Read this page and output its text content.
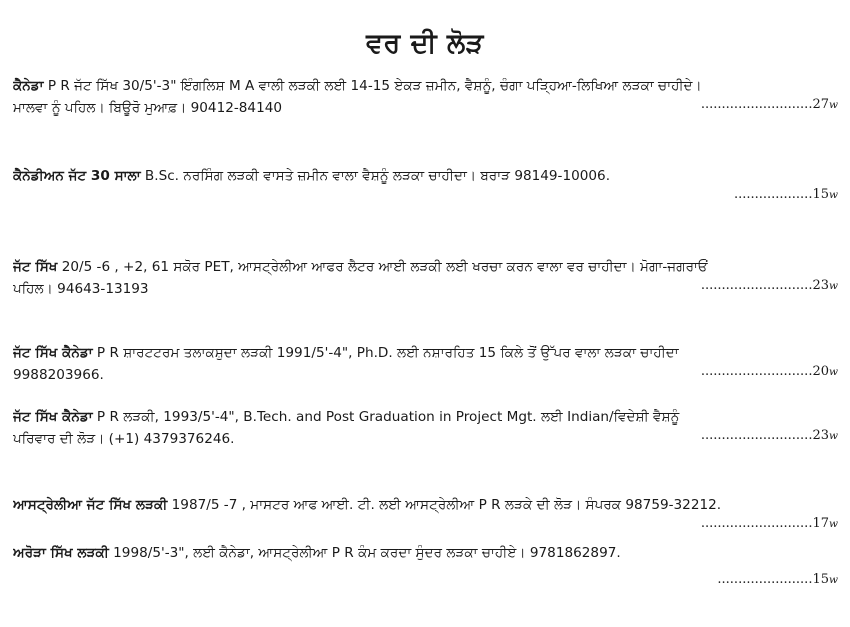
ਵਰ ਦੀ ਲੋੜ
ਕੈਨੇਡਾ P R ਜੱਟ ਸਿੱਖ 30/5'-3" ਇੰਗਲਿਸ਼ M A ਵਾਲੀ ਲੜਕੀ ਲਈ 14-15 ਏਕੜ ਜ਼ਮੀਨ, ਵੈਸ਼ਨੂੰ, ਚੰਗਾ ਪੜ੍ਹਿਆ-ਲਿਖਿਆ ਲੜਕਾ ਚਾਹੀਦੇ।
ਮਾਲਵਾ ਨੂੰ ਪਹਿਲ। ਬਿਊਰੋ ਮੁਆਫ਼। 90412-84140	...........................27w
ਕੈਨੇਡੀਅਨ ਜੱਟ 30 ਸਾਲਾ B.Sc. ਨਰਸਿੰਗ ਲੜਕੀ ਵਾਸਤੇ ਜ਼ਮੀਨ ਵਾਲਾ ਵੈਸ਼ਨੂੰ ਲੜਕਾ ਚਾਹੀਦਾ। ਬਰਾੜ 98149-10006.
...................15w
ਜੱਟ ਸਿੱਖ 20/5 -6 , +2, 61 ਸਕੋਰ PET, ਆਸਟ੍ਰੇਲੀਆ ਆਫਰ ਲੈਟਰ ਆਈ ਲੜਕੀ ਲਈ ਖਰਚਾ ਕਰਨ ਵਾਲਾ ਵਰ ਚਾਹੀਦਾ। ਮੋਗਾ-ਜਗਰਾਓਂ
ਪਹਿਲ। 94643-13193	...........................23w
ਜੱਟ ਸਿੱਖ ਕੈਨੇਡਾ P R ਸ਼ਾਰਟਟਰਮ ਤਲਾਕਸ਼ੁਦਾ ਲੜਕੀ 1991/5'-4", Ph.D. ਲਈ ਨਸ਼ਾਰਹਿਤ 15 ਕਿਲੇ ਤੋਂ ਉੱਪਰ ਵਾਲਾ ਲੜਕਾ ਚਾਹੀਦਾ
9988203966.	...........................20w
ਜੱਟ ਸਿੱਖ ਕੈਨੇਡਾ P R ਲੜਕੀ, 1993/5'-4", B.Tech. and Post Graduation in Project Mgt. ਲਈ Indian/ਵਿਦੇਸ਼ੀ ਵੈਸ਼ਨੂੰ
ਪਰਿਵਾਰ ਦੀ ਲੋੜ। (+1) 4379376246.	...........................23w
ਆਸਟ੍ਰੇਲੀਆ ਜੱਟ ਸਿੱਖ ਲੜਕੀ 1987/5 -7 , ਮਾਸਟਰ ਆਫ ਆਈ. ਟੀ. ਲਈ ਆਸਟ੍ਰੇਲੀਆ P R ਲੜਕੇ ਦੀ ਲੋੜ। ਸੰਪਰਕ 98759-32212.
...........................17w
ਅਰੋੜਾ ਸਿੱਖ ਲੜਕੀ 1998/5'-3", ਲਈ ਕੈਨੇਡਾ, ਆਸਟ੍ਰੇਲੀਆ P R ਕੰਮ ਕਰਦਾ ਸੁੰਦਰ ਲੜਕਾ ਚਾਹੀਏ। 9781862897.
.......................15w
